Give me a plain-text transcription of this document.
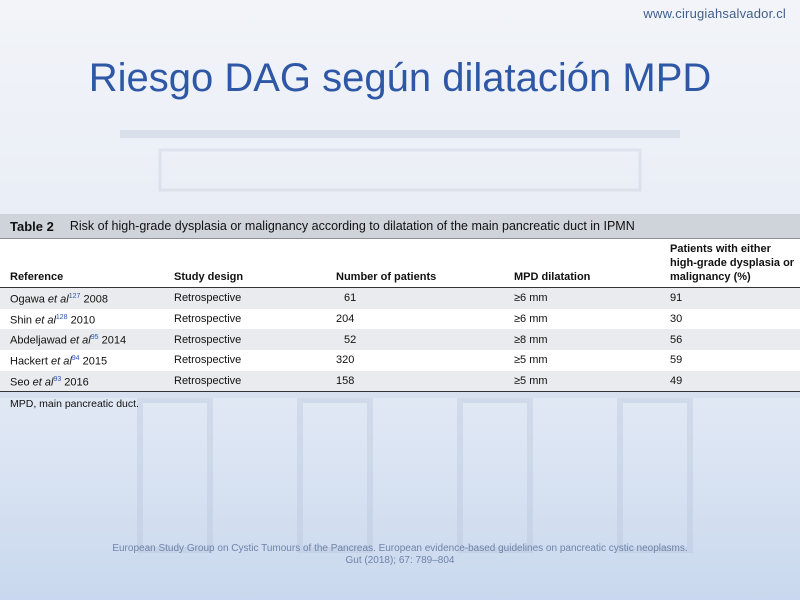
www.cirugiahsalvador.cl
Riesgo DAG según dilatación MPD
Table 2 Risk of high-grade dysplasia or malignancy according to dilatation of the main pancreatic duct in IPMN
Reference	Study design	Number of patients	MPD dilatation	Patients with either high-grade dysplasia or malignancy (%)
Ogawa et $al^{127}$ 2008	Retrospective	61	≥6 mm	91
Shin et $al^{128}$ 2010	Retrospective	204	≥6 mm	30
Abdeljawad et $al^{95}$ 2014	Retrospective	52	≥8 mm	56
Hackert et $al^{94}$ 2015	Retrospective	320	≥5 mm	59
Seo et $al^{93}$ 2016	Retrospective	158	≥5 mm	49
MPD, main pancreatic duct.
European Study Group on Cystic Tumours of the Pancreas. European evidence-based guidelines on pancreatic cystic neoplasms.
Gut (2018); 67: 789–804
